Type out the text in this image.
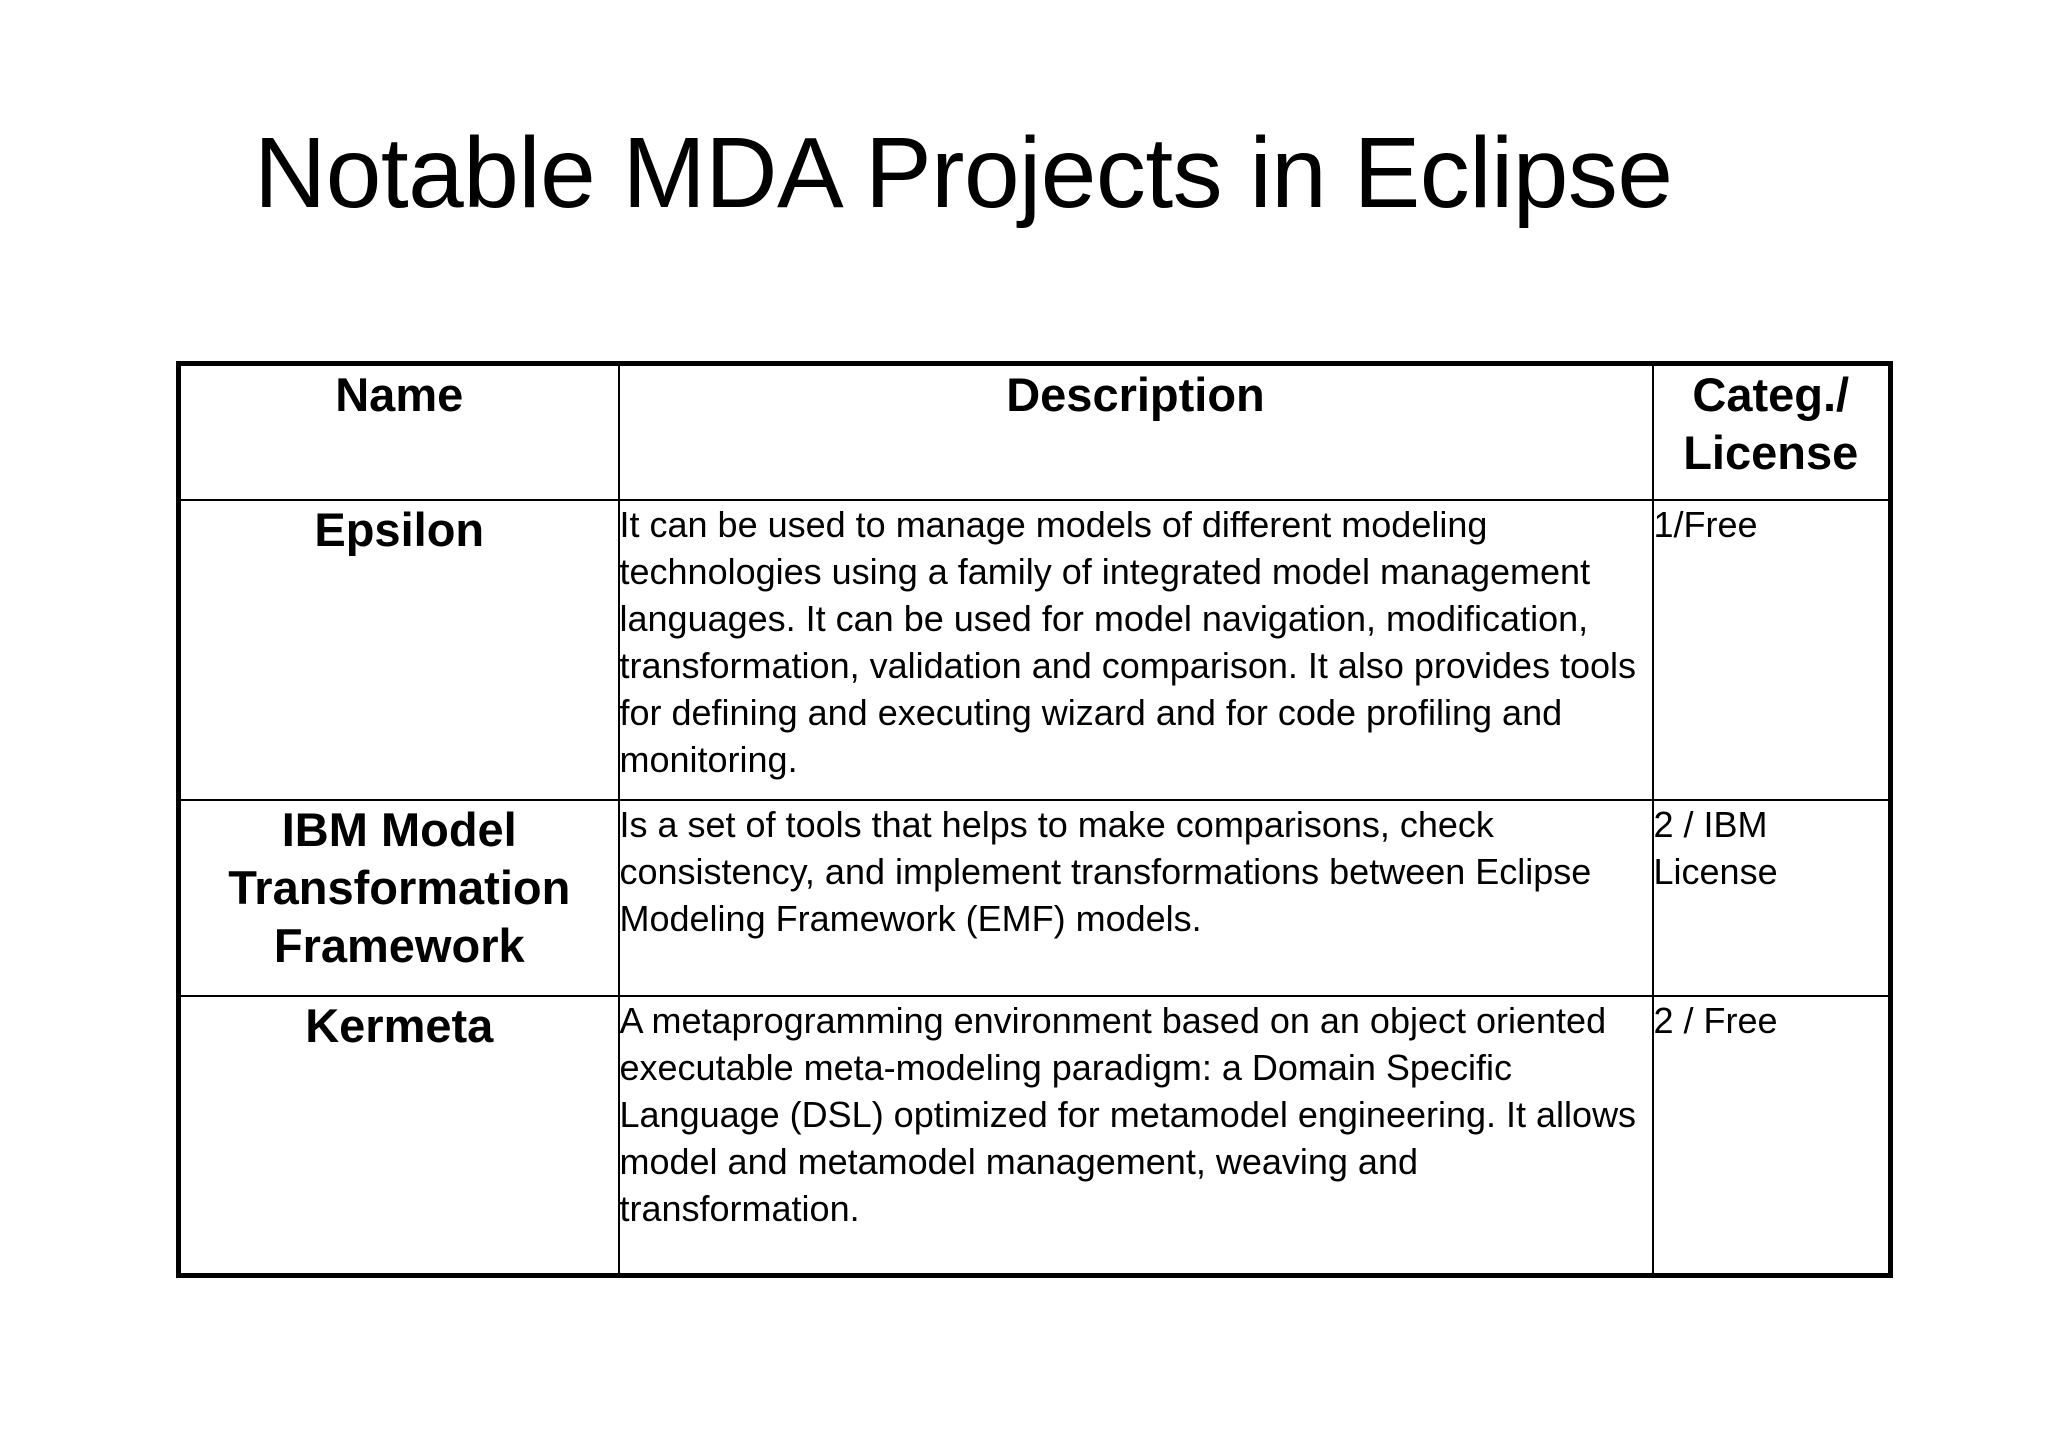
Notable MDA Projects in Eclipse
Name	Description	Categ./ License
Epsilon	It can be used to manage models of different modeling technologies using a family of integrated model management languages. It can be used for model navigation, modification, transformation, validation and comparison. It also provides tools for defining and executing wizard and for code profiling and monitoring.	1/Free
IBM Model Transformation Framework	Is a set of tools that helps to make comparisons, check consistency, and implement transformations between Eclipse Modeling Framework (EMF) models.	2 / IBM License
Kermeta	A metaprogramming environment based on an object oriented executable meta-modeling paradigm: a Domain Specific Language (DSL) optimized for metamodel engineering. It allows model and metamodel management, weaving and transformation.	2 / Free
